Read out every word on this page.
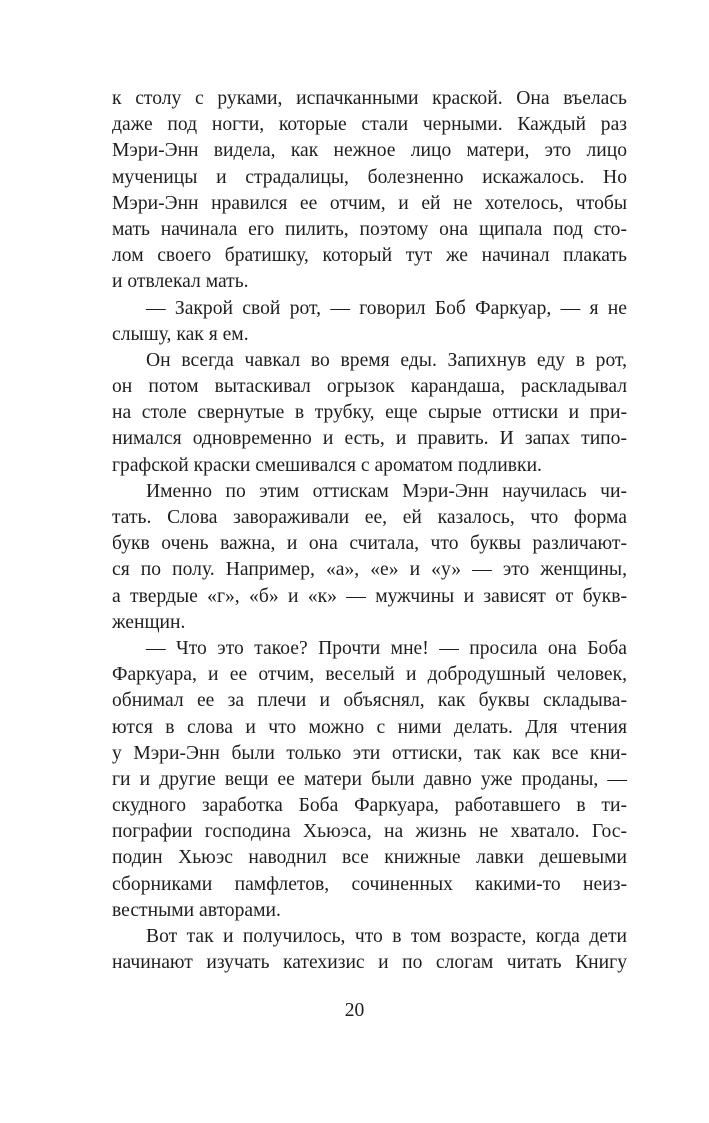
к столу с руками, испачканными краской. Она въелась
даже под ногти, которые стали черными. Каждый раз
Мэри-Энн видела, как нежное лицо матери, это лицо
мученицы и страдалицы, болезненно искажалось. Но
Мэри-Энн нравился ее отчим, и ей не хотелось, чтобы
мать начинала его пилить, поэтому она щипала под сто-
лом своего братишку, который тут же начинал плакать
и отвлекал мать.
— Закрой свой рот, — говорил Боб Фаркуар, — я не
слышу, как я ем.
Он всегда чавкал во время еды. Запихнув еду в рот,
он потом вытаскивал огрызок карандаша, раскладывал
на столе свернутые в трубку, еще сырые оттиски и при-
нимался одновременно и есть, и править. И запах типо-
графской краски смешивался с ароматом подливки.
Именно по этим оттискам Мэри-Энн научилась чи-
тать. Слова завораживали ее, ей казалось, что форма
букв очень важна, и она считала, что буквы различают-
ся по полу. Например, «а», «е» и «у» — это женщины,
а твердые «г», «б» и «к» — мужчины и зависят от букв-
женщин.
— Что это такое? Прочти мне! — просила она Боба
Фаркуара, и ее отчим, веселый и добродушный человек,
обнимал ее за плечи и объяснял, как буквы складыва-
ются в слова и что можно с ними делать. Для чтения
у Мэри-Энн были только эти оттиски, так как все кни-
ги и другие вещи ее матери были давно уже проданы, —
скудного заработка Боба Фаркуара, работавшего в ти-
пографии господина Хьюэса, на жизнь не хватало. Гос-
подин Хьюэс наводнил все книжные лавки дешевыми
сборниками памфлетов, сочиненных какими-то неиз-
вестными авторами.
Вот так и получилось, что в том возрасте, когда дети
начинают изучать катехизис и по слогам читать Книгу
20
